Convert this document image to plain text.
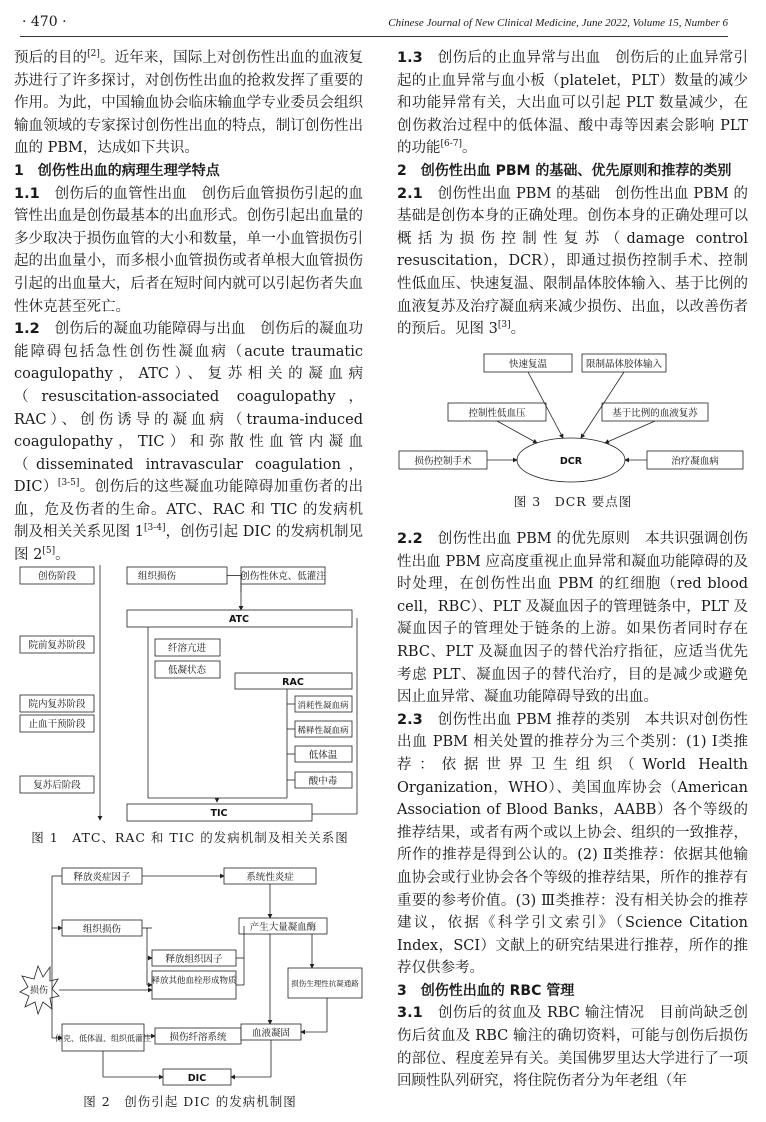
· 470 ·	Chinese Journal of New Clinical Medicine, June 2022, Volume 15, Number 6

预后的目的[2]。近年来，国际上对创伤性出血的血液复苏进行了许多探讨，对创伤性出血的抢救发挥了重要的作用。为此，中国输血协会临床输血学专业委员会组织输血领域的专家探讨创伤性出血的特点，制订创伤性出血的 PBM，达成如下共识。

1　创伤性出血的病理生理学特点

1.1　 创伤后的血管性出血　 创伤后血管损伤引起的血管性出血是创伤最基本的出血形式。创伤引起出血量的多少取决于损伤血管的大小和数量，单一小血管损伤引起的出血量小，而多根小血管损伤或者单根大血管损伤引起的出血量大，后者在短时间内就可以引起伤者失血性休克甚至死亡。

1.2　 创伤后的凝血功能障碍与出血　 创伤后的凝血功能障碍包括急性创伤性凝血病（acute traumatic coagulopathy，ATC）、复苏相关的凝血病（resuscitation-associated coagulopathy，RAC）、创伤诱导的凝血病（trauma-induced coagulopathy，TIC）和弥散性血管内凝血（disseminated intravascular coagulation，DIC）[3-5]。创伤后的这些凝血功能障碍加重伤者的出血，危及伤者的生命。ATC、RAC 和 TIC 的发病机制及相关关系见图 1[3-4]，创伤引起 DIC 的发病机制见图 2[5]。

创伤阶段
院前复苏阶段
院内复苏阶段
止血干预阶段
复苏后阶段
组织损伤	创伤性休克、低灌注
ATC
纤溶亢进
低凝状态
RAC
消耗性凝血病
稀释性凝血病
低体温
酸中毒
TIC
图 1　ATC、RAC 和 TIC 的发病机制及相关关系图
释放炎症因子	系统性炎症
组织损伤	产生大量凝血酶
释放组织因子
释放其他血栓形成物质	损伤生理性抗凝通路
损伤
休克、低体温、组织低灌注 损伤纤溶系统	血液凝固
DIC
图 2　创伤引起 DIC 的发病机制图

1.3　 创伤后的止血异常与出血　 创伤后的止血异常引起的止血异常与血小板（platelet，PLT）数量的减少和功能异常有关，大出血可以引起 PLT 数量减少，在创伤救治过程中的低体温、酸中毒等因素会影响 PLT 的功能[6-7]。

2　创伤性出血 PBM 的基础、优先原则和推荐的类别

2.1　 创伤性出血 PBM 的基础　 创伤性出血 PBM 的基础是创伤本身的正确处理。创伤本身的正确处理可以概括为损伤控制性复苏（damage control resuscitation，DCR），即通过损伤控制手术、控制性低血压、快速复温、限制晶体胶体输入、基于比例的血液复苏及治疗凝血病来减少损伤、出血，以改善伤者的预后。见图 3[3]。

快速复温	限制晶体胶体输入
控制性低血压	基于比例的血液复苏
损伤控制手术	DCR	治疗凝血病
图 3　DCR 要点图

2.2　 创伤性出血 PBM 的优先原则　 本共识强调创伤性出血 PBM 应高度重视止血异常和凝血功能障碍的及时处理，在创伤性出血 PBM 的红细胞（red blood cell，RBC）、PLT 及凝血因子的管理链条中，PLT 及凝血因子的管理处于链条的上游。如果伤者同时存在 RBC、PLT 及凝血因子的替代治疗指征，应适当优先考虑 PLT、凝血因子的替代治疗，目的是减少或避免因止血异常、凝血功能障碍导致的出血。

2.3　 创伤性出血 PBM 推荐的类别　 本共识对创伤性出血 PBM 相关处置的推荐分为三个类别：(1) Ⅰ类推荐：依据世界卫生组织（World Health Organization，WHO）、美国血库协会（American Association of Blood Banks，AABB）各个等级的推荐结果，或者有两个或以上协会、组织的一致推荐，所作的推荐是得到公认的。(2) Ⅱ类推荐：依据其他输血协会或行业协会各个等级的推荐结果，所作的推荐有重要的参考价值。(3) Ⅲ类推荐：没有相关协会的推荐建议，依据《科学引文索引》（Science Citation Index，SCI）文献上的研究结果进行推荐，所作的推荐仅供参考。

3　创伤性出血的 RBC 管理

3.1　 创伤后的贫血及 RBC 输注情况　 目前尚缺乏创伤后贫血及 RBC 输注的确切资料，可能与创伤后损伤的部位、程度差异有关。美国佛罗里达大学进行了一项回顾性队列研究，将住院伤者分为年老组（年
